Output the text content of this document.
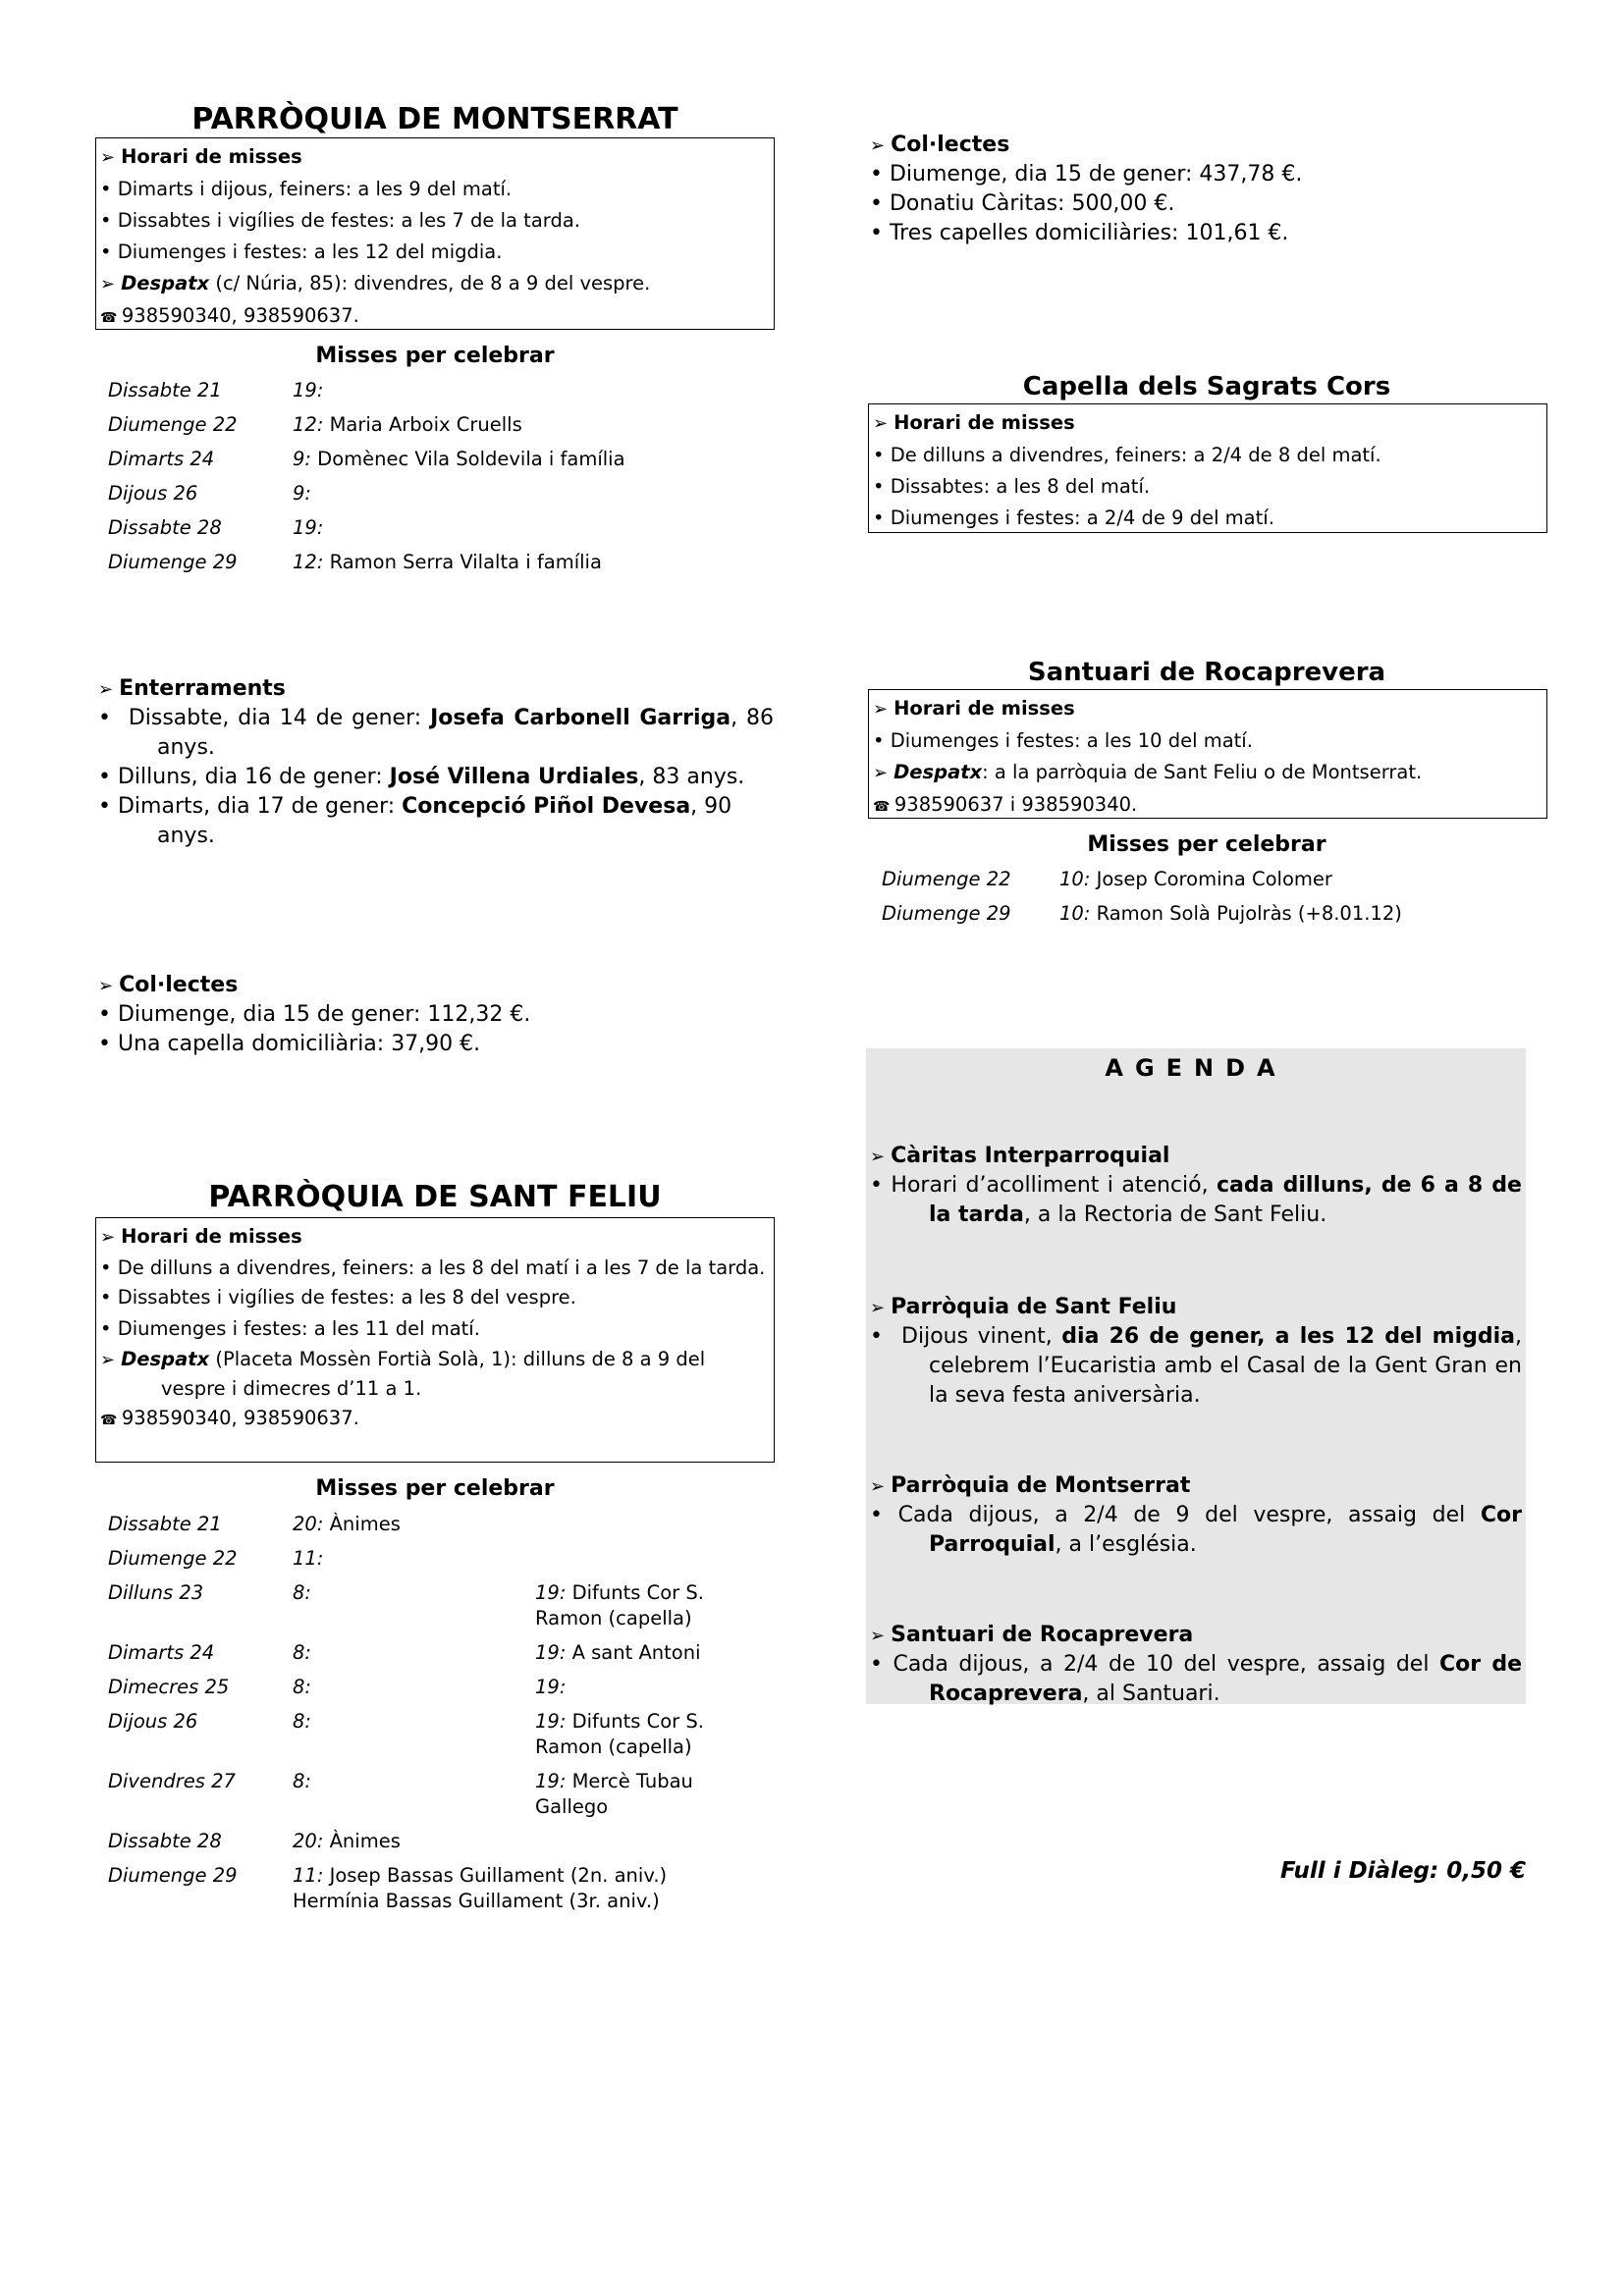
PARRÒQUIA DE MONTSERRAT
➢ Horari de misses
• Dimarts i dijous, feiners: a les 9 del matí.
• Dissabtes i vigílies de festes: a les 7 de la tarda.
• Diumenges i festes: a les 12 del migdia.
➢ Despatx (c/ Núria, 85): divendres, de 8 a 9 del vespre.
☎ 938590340, 938590637.
Misses per celebrar
Dissabte 21	19:
Diumenge 22	12: Maria Arboix Cruells
Dimarts 24	9: Domènec Vila Soldevila i família
Dijous 26	9:
Dissabte 28	19:
Diumenge 29	12: Ramon Serra Vilalta i família
➢ Enterraments
•  Dissabte, dia 14 de gener: Josefa Carbonell Garriga, 86 anys.
• Dilluns, dia 16 de gener: José Villena Urdiales, 83 anys.
• Dimarts, dia 17 de gener: Concepció Piñol Devesa, 90 anys.
➢ Col·lectes
• Diumenge, dia 15 de gener: 112,32 €.
• Una capella domiciliària: 37,90 €.
PARRÒQUIA DE SANT FELIU
➢ Horari de misses
• De dilluns a divendres, feiners: a les 8 del matí i a les 7 de la tarda.
• Dissabtes i vigílies de festes: a les 8 del vespre.
• Diumenges i festes: a les 11 del matí.
➢ Despatx (Placeta Mossèn Fortià Solà, 1): dilluns de 8 a 9 del vespre i dimecres d’11 a 1.
☎ 938590340, 938590637.
Misses per celebrar
Dissabte 21	20: Ànimes
Diumenge 22	11:
Dilluns 23	8:	19: Difunts Cor S. Ramon (capella)
Dimarts 24	8:	19: A sant Antoni
Dimecres 25	8:	19:
Dijous 26	8:	19: Difunts Cor S. Ramon (capella)
Divendres 27	8:	19: Mercè Tubau Gallego
Dissabte 28	20: Ànimes
Diumenge 29	11: Josep Bassas Guillament (2n. aniv.)
Hermínia Bassas Guillament (3r. aniv.)
➢ Col·lectes
• Diumenge, dia 15 de gener: 437,78 €.
• Donatiu Càritas: 500,00 €.
• Tres capelles domiciliàries: 101,61 €.
Capella dels Sagrats Cors
➢ Horari de misses
• De dilluns a divendres, feiners: a 2/4 de 8 del matí.
• Dissabtes: a les 8 del matí.
• Diumenges i festes: a 2/4 de 9 del matí.
Santuari de Rocaprevera
➢ Horari de misses
• Diumenges i festes: a les 10 del matí.
➢ Despatx: a la parròquia de Sant Feliu o de Montserrat.
☎ 938590637 i 938590340.
Misses per celebrar
Diumenge 22	10: Josep Coromina Colomer
Diumenge 29	10: Ramon Solà Pujolràs (+8.01.12)
AGENDA
➢ Càritas Interparroquial
• Horari d’acolliment i atenció, cada dilluns, de 6 a 8 de la tarda, a la Rectoria de Sant Feliu.
➢ Parròquia de Sant Feliu
•  Dijous vinent, dia 26 de gener, a les 12 del migdia, celebrem l’Eucaristia amb el Casal de la Gent Gran en la seva festa aniversària.
➢ Parròquia de Montserrat
• Cada dijous, a 2/4 de 9 del vespre, assaig del Cor Parroquial, a l’església.
➢ Santuari de Rocaprevera
• Cada dijous, a 2/4 de 10 del vespre, assaig del Cor de Rocaprevera, al Santuari.
Full i Diàleg: 0,50 €
